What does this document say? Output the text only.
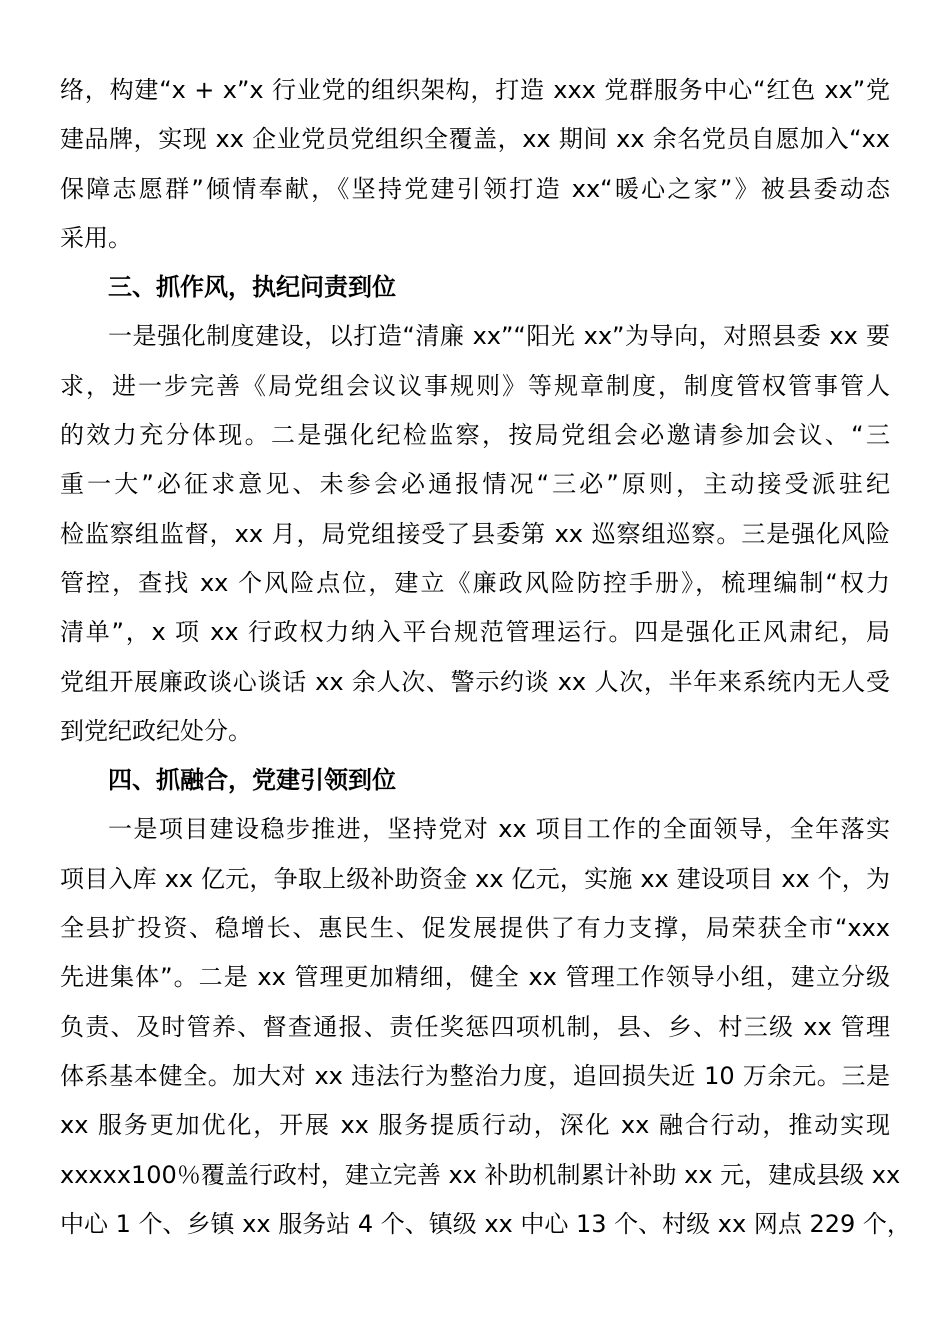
络，构建“x + x”x 行业党的组织架构，打造 xxx 党群服务中心“红色 xx”党
建品牌，实现 xx 企业党员党组织全覆盖，xx 期间 xx 余名党员自愿加入“xx
保障志愿群”倾情奉献，《坚持党建引领打造 xx“暖心之家”》被县委动态
采用。
三、抓作风，执纪问责到位
一是强化制度建设，以打造“清廉 xx”“阳光 xx”为导向，对照县委 xx 要
求，进一步完善《局党组会议议事规则》等规章制度，制度管权管事管人
的效力充分体现。二是强化纪检监察，按局党组会必邀请参加会议、“三
重一大”必征求意见、未参会必通报情况“三必”原则，主动接受派驻纪
检监察组监督，xx 月，局党组接受了县委第 xx 巡察组巡察。三是强化风险
管控，查找 xx 个风险点位，建立《廉政风险防控手册》，梳理编制“权力
清单”，x 项 xx 行政权力纳入平台规范管理运行。四是强化正风肃纪，局
党组开展廉政谈心谈话 xx 余人次、警示约谈 xx 人次，半年来系统内无人受
到党纪政纪处分。
四、抓融合，党建引领到位
一是项目建设稳步推进，坚持党对 xx 项目工作的全面领导，全年落实
项目入库 xx 亿元，争取上级补助资金 xx 亿元，实施 xx 建设项目 xx 个，为
全县扩投资、稳增长、惠民生、促发展提供了有力支撑，局荣获全市“xxx
先进集体”。二是 xx 管理更加精细，健全 xx 管理工作领导小组，建立分级
负责、及时管养、督查通报、责任奖惩四项机制，县、乡、村三级 xx 管理
体系基本健全。加大对 xx 违法行为整治力度，追回损失近 10 万余元。三是
xx 服务更加优化，开展 xx 服务提质行动，深化 xx 融合行动，推动实现
xxxxx100％覆盖行政村，建立完善 xx 补助机制累计补助 xx 元，建成县级 xx
中心 1 个、乡镇 xx 服务站 4 个、镇级 xx 中心 13 个、村级 xx 网点 229 个，
